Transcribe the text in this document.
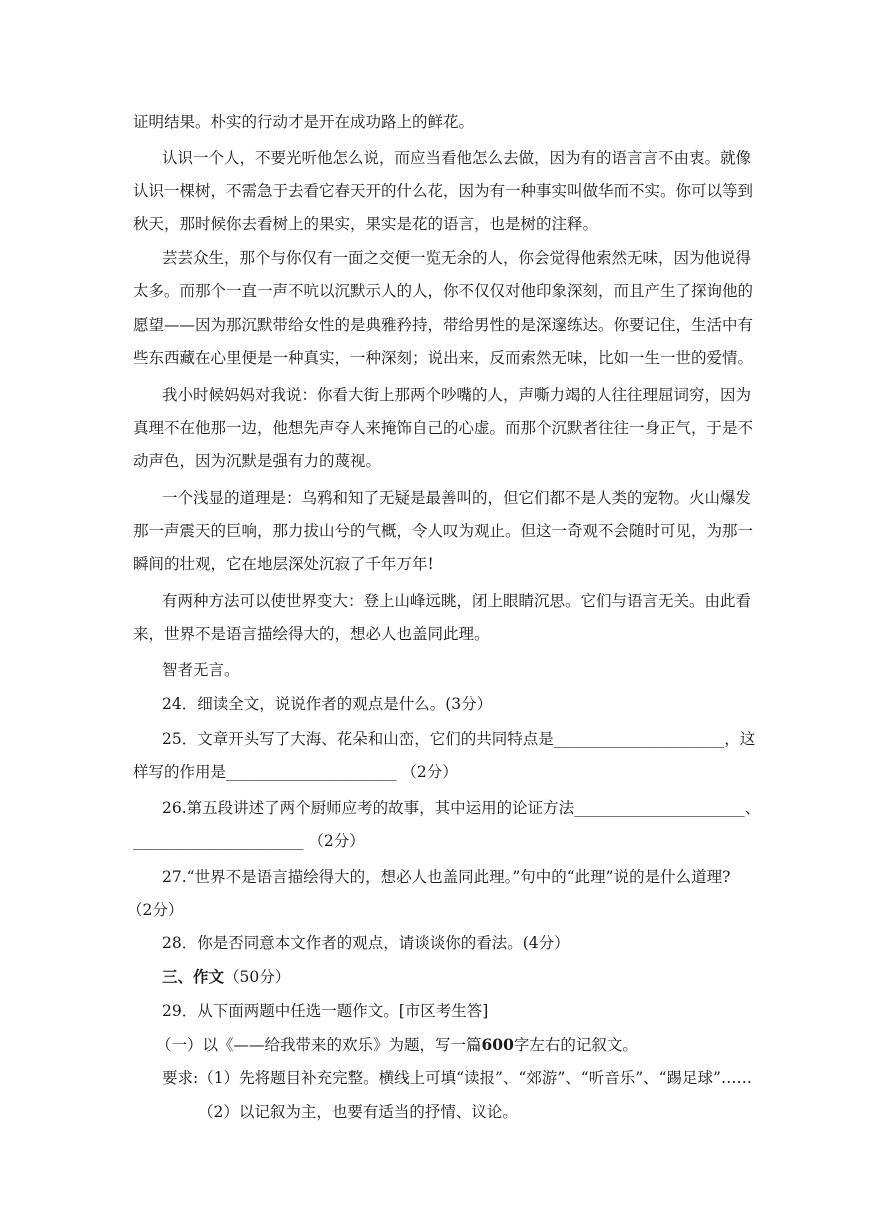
证明结果。朴实的行动才是开在成功路上的鲜花。
认识一个人，不要光听他怎么说，而应当看他怎么去做，因为有的语言言不由衷。就像
认识一棵树，不需急于去看它春天开的什么花，因为有一种事实叫做华而不实。你可以等到
秋天，那时候你去看树上的果实，果实是花的语言，也是树的注释。
芸芸众生，那个与你仅有一面之交便一览无余的人，你会觉得他索然无味，因为他说得
太多。而那个一直一声不吭以沉默示人的人，你不仅仅对他印象深刻，而且产生了探询他的
愿望——因为那沉默带给女性的是典雅矜持，带给男性的是深邃练达。你要记住，生活中有
些东西藏在心里便是一种真实，一种深刻；说出来，反而索然无味，比如一生一世的爱情。
我小时候妈妈对我说：你看大街上那两个吵嘴的人，声嘶力竭的人往往理屈词穷，因为
真理不在他那一边，他想先声夺人来掩饰自己的心虚。而那个沉默者往往一身正气，于是不
动声色，因为沉默是强有力的蔑视。
一个浅显的道理是：乌鸦和知了无疑是最善叫的，但它们都不是人类的宠物。火山爆发
那一声震天的巨响，那力拔山兮的气概，令人叹为观止。但这一奇观不会随时可见，为那一
瞬间的壮观，它在地层深处沉寂了千年万年!
有两种方法可以使世界变大：登上山峰远眺，闭上眼睛沉思。它们与语言无关。由此看
来，世界不是语言描绘得大的，想必人也盖同此理。
智者无言。
24．细读全文，说说作者的观点是什么。(3分）
25．文章开头写了大海、花朵和山峦，它们的共同特点是______________________，这
样写的作用是______________________ （2分）
26.第五段讲述了两个厨师应考的故事，其中运用的论证方法______________________、
______________________ （2分）
27.“世界不是语言描绘得大的，想必人也盖同此理。”句中的“此理”说的是什么道理?
（2分）
28．你是否同意本文作者的观点，请谈谈你的看法。(4分）
三、作文（50分）
29．从下面两题中任选一题作文。[市区考生答]
（一）以《——给我带来的欢乐》为题，写一篇600字左右的记叙文。
要求:（1）先将题目补充完整。横线上可填“读报”、“郊游”、“听音乐”、“踢足球”……
（2）以记叙为主，也要有适当的抒情、议论。
